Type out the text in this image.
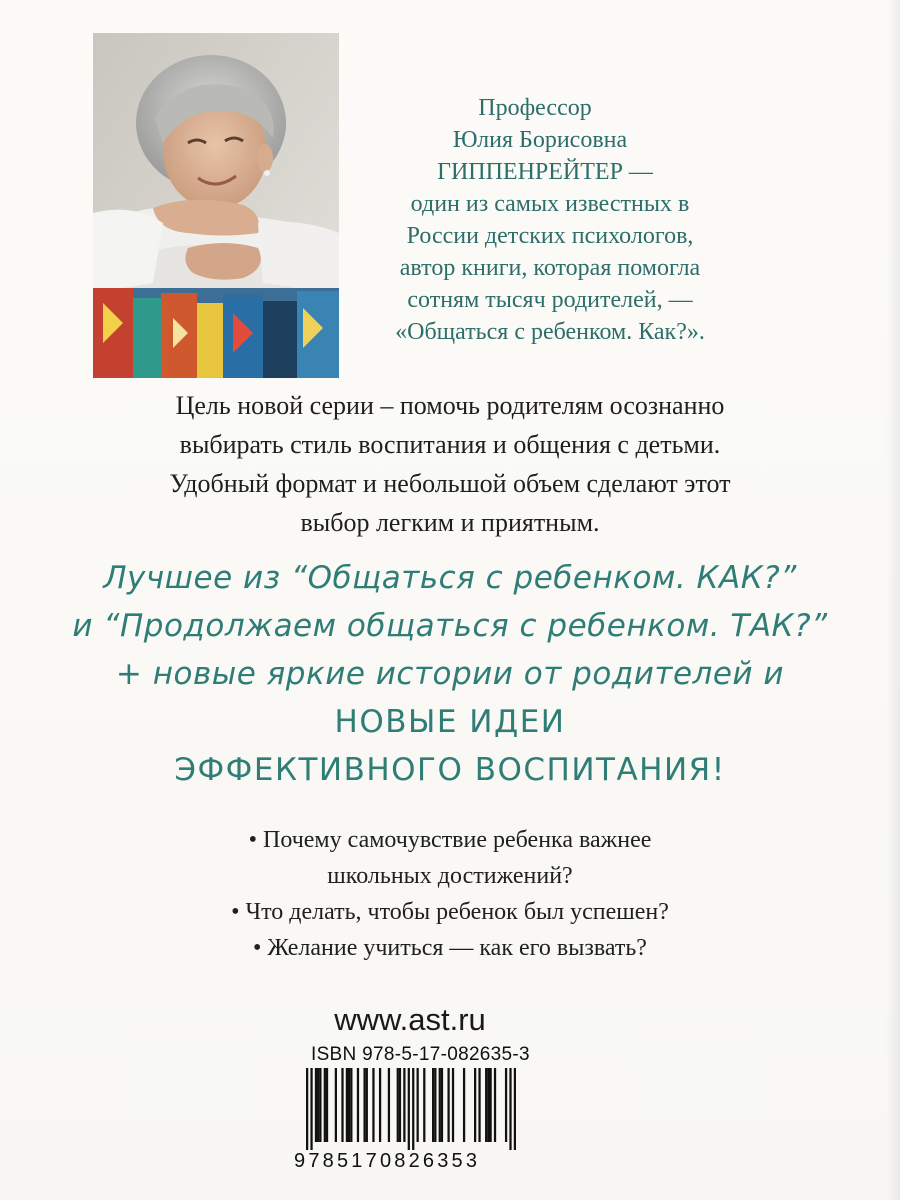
Профессор
Юлия Борисовна
ГИППЕНРЕЙТЕР —
один из самых известных в
России детских психологов,
автор книги, которая помогла
сотням тысяч родителей, —
«Общаться с ребенком. Как?».
Цель новой серии – помочь родителям осознанно
выбирать стиль воспитания и общения с детьми.
Удобный формат и небольшой объем сделают этот
выбор легким и приятным.
Лучшее из “Общаться с ребенком. КАК?”
и “Продолжаем общаться с ребенком. ТАК?”
+ новые яркие истории от родителей и
НОВЫЕ ИДЕИ
ЭФФЕКТИВНОГО ВОСПИТАНИЯ!
• Почему самочувствие ребенка важнее
школьных достижений?
• Что делать, чтобы ребенок был успешен?
• Желание учиться — как его вызвать?
www.ast.ru
ISBN 978-5-17-082635-3
9785170826353
